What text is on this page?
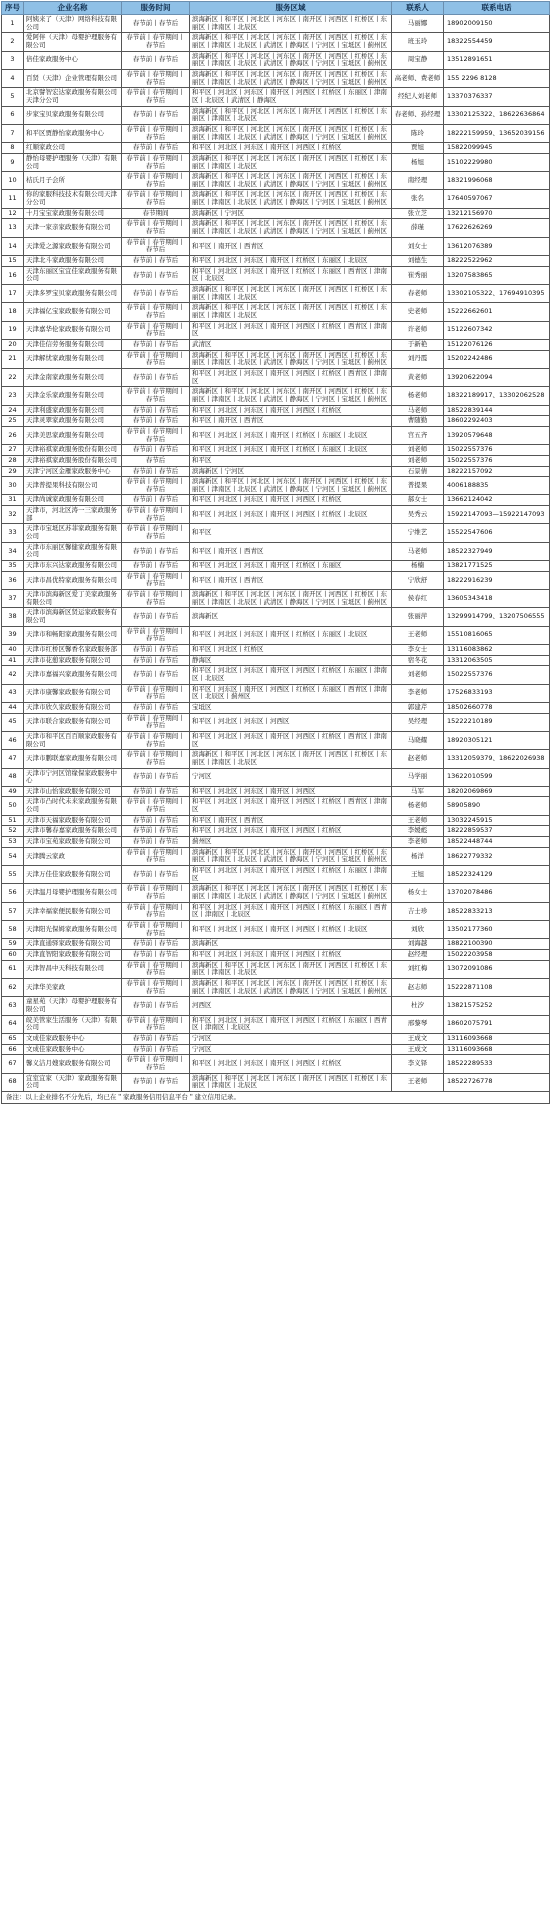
序号	企业名称	服务时间	服务区域	联系人	联系电话
1	阿姨来了（天津）网络科技有限公司	春节前丨春节后	滨海新区丨和平区丨河北区丨河东区丨南开区丨河西区丨红桥区丨东丽区丨津南区丨北辰区	马丽娜	18902009150
2	爱阿伴（天津）母婴护理服务有限公司	春节前丨春节期间丨春节后	滨海新区丨和平区丨河北区丨河东区丨南开区丨河西区丨红桥区丨东丽区丨津南区丨北辰区丨武清区丨静海区丨宁河区丨宝坻区丨蓟州区	班玉玲	18322554459
3	倍佳家政服务中心	春节前丨春节后	滨海新区丨和平区丨河北区丨河东区丨南开区丨河西区丨红桥区丨东丽区丨津南区丨北辰区丨武清区丨静海区丨宁河区丨宝坻区丨蓟州区	周宝静	13512891651
4	百贤（天津）企业管理有限公司	春节前丨春节期间丨春节后	滨海新区丨和平区丨河北区丨河东区丨南开区丨河西区丨红桥区丨东丽区丨津南区丨北辰区丨武清区丨静海区丨宁河区丨宝坻区丨蓟州区	高老师、费老师	155 2296 8128
5	北京譬智宏达家政服务有限公司天津分公司	春节前丨春节期间丨春节后	和平区丨河北区丨河东区丨南开区丨河西区丨红桥区丨东丽区丨津南区丨北辰区丨武清区丨静海区	经纪人刘老师	13370376337
6	步家宝贝家政服务有限公司	春节前丨春节后	滨海新区丨和平区丨河北区丨河东区丨南开区丨河西区丨红桥区丨东丽区丨津南区丨北辰区	春老师、孙经理	13302125322、18622636864
7	和平区贾静怡家政服务中心	春节前丨春节期间丨春节后	滨海新区丨和平区丨河北区丨河东区丨南开区丨河西区丨红桥区丨东丽区丨津南区丨北辰区丨武清区丨静海区丨宁河区丨宝坻区丨蓟州区	陈玲	18222159959、13652039156
8	红顺家政公司	春节前丨春节后	和平区丨河北区丨河东区丨南开区丨河西区丨红桥区	贾旭	15822099945
9	静怡母婴护理服务（天津）有限公司	春节前丨春节期间丨春节后	滨海新区丨和平区丨河北区丨河东区丨南开区丨河西区丨红桥区丨东丽区丨津南区丨北辰区	杨旭	15102229980
10	桔氏月子会所	春节前丨春节期间丨春节后	滨海新区丨和平区丨河北区丨河东区丨南开区丨河西区丨红桥区丨东丽区丨津南区丨北辰区丨武清区丨静海区丨宁河区丨宝坻区丨蓟州区	南经理	18321996068
11	你的家服科技技术有限公司天津分公司	春节前丨春节期间丨春节后	滨海新区丨和平区丨河北区丨河东区丨南开区丨河西区丨红桥区丨东丽区丨津南区丨北辰区丨武清区丨静海区丨宁河区丨宝坻区丨蓟州区	张名	17640597067
12	十月宝宝家政服务有限公司	春节期间	滨海新区丨宁河区	张立芝	13212156970
13	天津一家亲家政服务有限公司	春节前丨春节期间丨春节后	滨海新区丨和平区丨河北区丨河东区丨南开区丨河西区丨红桥区丨东丽区丨津南区丨北辰区丨武清区丨静海区丨宁河区丨宝坻区丨蓟州区	薛瑾	17622626269
14	天津爱之源家政服务有限公司	春节前丨春节期间丨春节后	和平区丨南开区丨西青区	刘女士	13612076389
15	天津北斗家政服务有限公司	春节前丨春节后	和平区丨河北区丨河东区丨南开区丨红桥区丨东丽区丨北辰区	刘德生	18222522962
16	天津东丽区宝宜佳家政服务有限公司	春节前丨春节后	和平区丨河北区丨河东区丨南开区丨红桥区丨东丽区丨西青区丨津南区丨北辰区	崔秀丽	13207583865
17	天津多罗宝贝家政服务有限公司	春节前丨春节后	滨海新区丨和平区丨河北区丨河东区丨南开区丨河西区丨红桥区丨东丽区丨津南区丨北辰区	春老师	13302105322、17694910395
18	天津福亿宝家政服务有限公司	春节前丨春节期间丨春节后	滨海新区丨和平区丨河北区丨河东区丨南开区丨河西区丨红桥区丨东丽区丨津南区丨北辰区	史老师	15222662601
19	天津嘉华伦家政服务有限公司	春节前丨春节期间丨春节后	和平区丨河北区丨河东区丨南开区丨河西区丨红桥区丨西青区丨津南区	许老师	15122607342
20	天津佳信劳务服务有限公司	春节前丨春节后	武清区	于新艳	15122076126
21	天津解忧家政服务有限公司	春节前丨春节期间丨春节后	滨海新区丨和平区丨河北区丨河东区丨南开区丨河西区丨红桥区丨东丽区丨津南区丨北辰区丨武清区丨静海区丨宁河区丨宝坻区丨蓟州区	刘丹霞	15202242486
22	天津金南家政服务有限公司	春节前丨春节后	和平区丨河北区丨河东区丨南开区丨河西区丨红桥区丨西青区丨津南区	黄老师	13920622094
23	天津金乐家政服务有限公司	春节前丨春节期间丨春节后	滨海新区丨和平区丨河北区丨河东区丨南开区丨河西区丨红桥区丨东丽区丨津南区丨北辰区丨武清区丨静海区丨宁河区丨宝坻区丨蓟州区	杨老师	18322189917、13302062528
24	天津利盛家政服务有限公司	春节前丨春节后	和平区丨河北区丨河东区丨南开区丨河西区丨红桥区	马老师	18522839144
25	天津灵翠家政服务有限公司	春节前丨春节后	和平区丨南开区丨西青区	曹随勤	18602292403
26	天津美思家政服务有限公司	春节前丨春节期间丨春节后	和平区丨河北区丨河东区丨南开区丨红桥区丨东丽区丨北辰区	宫五齐	13920579648
27	天津裕祺家政服务股份有限公司	春节前丨春节后	和平区丨河北区丨河东区丨南开区丨红桥区丨东丽区丨北辰区	刘老师	15022557376
28	天津裕祺家政服务股份有限公司	春节后	和平区	刘老师	15022557376
29	天津宁河区金雁家政服务中心	春节前丨春节后	滨海新区丨宁河区	石景倩	18222157092
30	天津普提果科技有限公司	春节前丨春节期间丨春节后	滨海新区丨和平区丨河北区丨河东区丨南开区丨河西区丨红桥区丨东丽区丨津南区丨北辰区丨武清区丨静海区丨宁河区丨宝坻区丨蓟州区	普提果	4006188835
31	天津尚诚家政服务有限公司	春节前丨春节后	和平区丨河北区丨河东区丨南开区丨河西区丨红桥区	郝女士	13662124042
32	天津市，河北区涛一三家政服务部	春节前丨春节期间丨春节后	和平区丨河北区丨河东区丨南开区丨河西区丨红桥区丨北辰区	吴秀云	15922147093—15922147093
33	天津市宝坻区苏菲家政服务有限公司	春节前丨春节期间丨春节后	和平区	宁维艺	15522547606
34	天津市东丽区馨健家政服务有限公司	春节前丨春节后	和平区丨南开区丨西青区	马老师	18522327949
35	天津市东兴达家政服务有限公司	春节前丨春节后	和平区丨河北区丨河东区丨南开区丨红桥区丨东丽区	杨楠	13821771525
36	天津市昌优特家政服务有限公司	春节前丨春节期间丨春节后	和平区丨南开区丨西青区	宁欣舒	18222916239
37	天津市滨海新区爱丁美家政服务有限公司	春节前丨春节期间丨春节后	滨海新区丨和平区丨河北区丨河东区丨南开区丨河西区丨红桥区丨东丽区丨津南区丨北辰区丨武清区丨静海区丨宁河区丨宝坻区丨蓟州区	侯春红	13605343418
38	天津市滨海新区贤运家政服务有限公司	春节前丨春节后	滨海新区	张丽萍	13299914799、13207506555
39	天津市和畅阳家政服务有限公司	春节前丨春节期间丨春节后	和平区丨河北区丨河东区丨南开区丨红桥区丨东丽区丨北辰区	王老师	15510816065
40	天津市红桥区馨香名家政服务部	春节前丨春节后	和平区丨河北区丨红桥区	李女士	13116083862
41	天津市花憩家政服务有限公司	春节前丨春节后	静海区	宿冬花	13312063505
42	天津市嘉福兴家政服务有限公司	春节前丨春节后	和平区丨河北区丨河东区丨南开区丨河西区丨红桥区丨东丽区丨津南区丨北辰区	刘老师	15022557376
43	天津市康馨家政服务有限公司	春节前丨春节期间丨春节后	和平区丨河东区丨南开区丨河西区丨红桥区丨东丽区丨西青区丨津南区丨北辰区丨蓟州区	李老师	17526833193
44	天津市欣久家政服务有限公司	春节前丨春节后	宝坻区	郭建芹	18502660778
45	天津市联合家政服务有限公司	春节前丨春节期间丨春节后	和平区丨河北区丨河东区丨河西区	吴经理	15222210189
46	天津市和平区百百顺家政服务有限公司	春节前丨春节期间丨春节后	和平区丨河北区丨河东区丨南开区丨河西区丨红桥区丨西青区丨津南区	马晓耀	18920305121
47	天津市鹏联嘉家政服务有限公司	春节前丨春节期间丨春节后	滨海新区丨和平区丨河北区丨河东区丨南开区丨河西区丨红桥区丨东丽区丨津南区丨北辰区	赵老师	13312059379、18622026938
48	天津市宁河区馆缘保家政服务中心	春节前丨春节后	宁河区	马学丽	13622010599
49	天津市山怡家政服务有限公司	春节前丨春节后	和平区丨河北区丨河东区丨南开区丨河西区	马军	18202069869
50	天津市凸时代未来家政服务有限公司	春节前丨春节期间丨春节后	和平区丨河北区丨河东区丨南开区丨河西区丨红桥区丨西青区丨津南区	杨老师	58905890
51	天津市天福家政服务有限公司	春节前丨春节后	和平区丨南开区丨西青区	王老师	13032245915
52	天津市馨春嘉家政服务有限公司	春节前丨春节后	和平区丨河北区丨河东区丨南开区丨河西区丨红桥区	李媛彪	18222859537
53	天津市宝苑家政服务有限公司	春节前丨春节后	蓟州区	李老师	18522448744
54	天津腾云家政	春节前丨春节期间丨春节后	滨海新区丨和平区丨河北区丨河东区丨南开区丨河西区丨红桥区丨东丽区丨津南区丨北辰区丨武清区丨静海区丨宁河区丨宝坻区丨蓟州区	杨洋	18622779332
55	天津万佳佳家政服务有限公司	春节前丨春节后	和平区丨河北区丨河东区丨南开区丨河西区丨红桥区丨东丽区丨津南区	王旭	18522324129
56	天津温月母婴护理服务有限公司	春节前丨春节期间丨春节后	滨海新区丨和平区丨河北区丨河东区丨南开区丨河西区丨红桥区丨东丽区丨津南区丨北辰区丨武清区丨静海区丨宁河区丨宝坻区丨蓟州区	杨女士	13702078486
57	天津幸福家便民服务有限公司	春节前丨春节期间丨春节后	和平区丨河北区丨河东区丨南开区丨河西区丨红桥区丨东丽区丨西青区丨津南区丨北辰区	吉士珍	18522833213
58	天津阳光保姆家政服务有限公司	春节前丨春节期间丨春节后	和平区丨河北区丨河东区丨南开区丨河西区丨红桥区丨北辰区	刘欣	13502177360
59	天津直通驿家政服务有限公司	春节前丨春节后	滨海新区	刘海越	18822100390
60	天津直智阳家政服务有限公司	春节前丨春节后	和平区丨河北区丨河东区丨南开区丨河西区丨红桥区	赵经理	15022203958
61	天津智昌中天科技有限公司	春节前丨春节期间丨春节后	滨海新区丨和平区丨河北区丨河东区丨南开区丨河西区丨红桥区丨东丽区丨津南区丨北辰区	刘红梅	13072091086
62	天津华美家政	春节前丨春节期间丨春节后	滨海新区丨和平区丨河北区丨河东区丨南开区丨河西区丨红桥区丨东丽区丨津南区丨北辰区丨武清区丨静海区丨宁河区丨宝坻区丨蓟州区	赵志师	15222871108
63	童星苑（天津）母婴护理服务有限公司	春节前丨春节后	河西区	杜汐	13821575252
64	皖美管家生活服务（天津）有限公司	春节前丨春节期间丨春节后	和平区丨河北区丨河东区丨南开区丨河西区丨红桥区丨东丽区丨西青区丨津南区丨北辰区	邢黎琴	18602075791
65	文成佳家政服务中心	春节前丨春节后	宁河区	王成文	13116093668
66	文成佳家政服务中心	春节前丨春节后	宁河区	王成文	13116093668
67	馨义洁月嫂家政服务有限公司	春节前丨春节期间丨春节后	和平区丨河北区丨河东区丨南开区丨河西区丨红桥区	李义铎	18522289533
68	宜室宜家（天津）家政服务有限公司	春节前丨春节后	滨海新区丨和平区丨河北区丨河东区丨南开区丨河西区丨红桥区丨东丽区丨津南区丨北辰区	王老师	18522726778
备注：以上企业排名不分先后，均已在＂家政服务信用信息平台＂建立信用记录。					
